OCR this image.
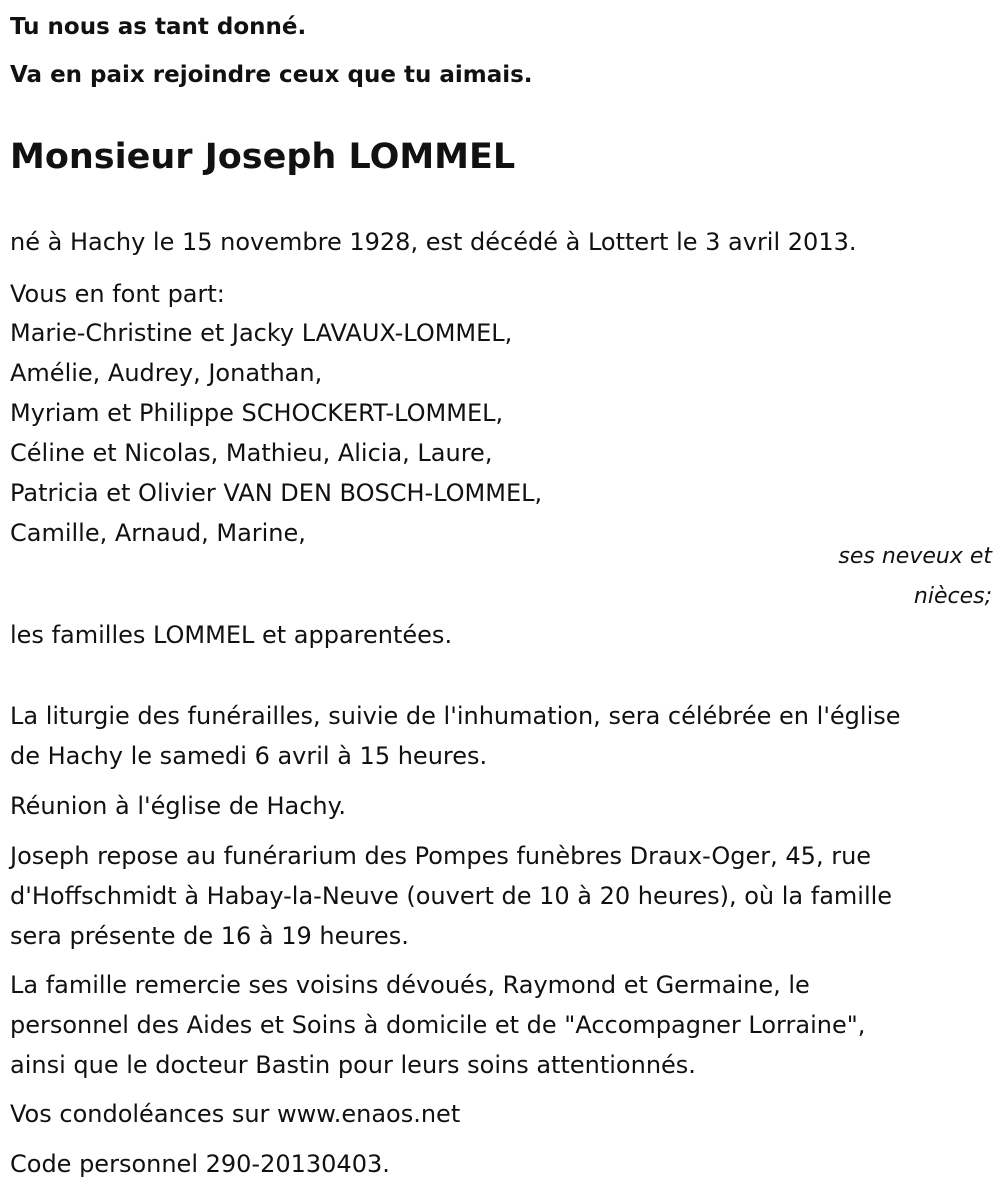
Tu nous as tant donné.
Va en paix rejoindre ceux que tu aimais.
Monsieur Joseph LOMMEL
né à Hachy le 15 novembre 1928, est décédé à Lottert le 3 avril 2013.
Vous en font part:
Marie-Christine et Jacky LAVAUX-LOMMEL,
Amélie, Audrey, Jonathan,
Myriam et Philippe SCHOCKERT-LOMMEL,
Céline et Nicolas, Mathieu, Alicia, Laure,
Patricia et Olivier VAN DEN BOSCH-LOMMEL,
Camille, Arnaud, Marine,
ses neveux et
nièces;
les familles LOMMEL et apparentées.
La liturgie des funérailles, suivie de l'inhumation, sera célébrée en l'église
de Hachy le samedi 6 avril à 15 heures.
Réunion à l'église de Hachy.
Joseph repose au funérarium des Pompes funèbres Draux-Oger, 45, rue
d'Hoffschmidt à Habay-la-Neuve (ouvert de 10 à 20 heures), où la famille
sera présente de 16 à 19 heures.
La famille remercie ses voisins dévoués, Raymond et Germaine, le
personnel des Aides et Soins à domicile et de "Accompagner Lorraine",
ainsi que le docteur Bastin pour leurs soins attentionnés.
Vos condoléances sur www.enaos.net
Code personnel 290-20130403.
